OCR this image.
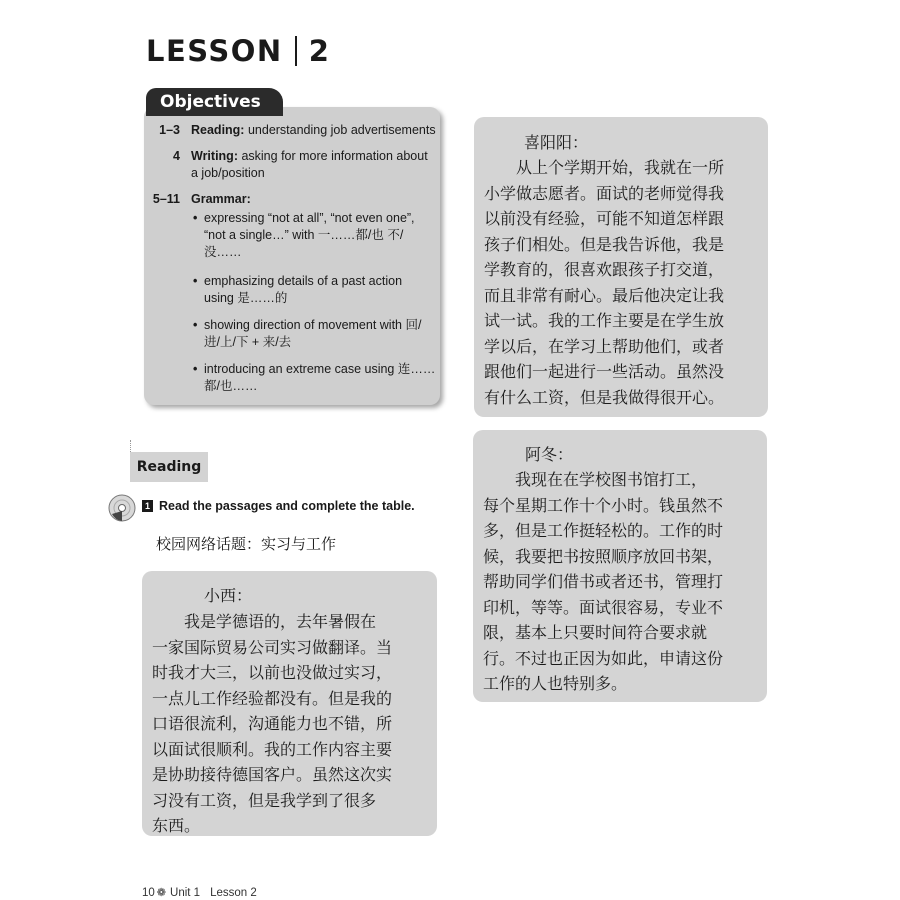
LESSON 2
Objectives
1–3 Reading: understanding job advertisements
4 Writing: asking for more information about
a job/position
5–11 Grammar:
• expressing “not at all”, “not even one”,
“not a single…” with 一……都/也 不/
没……
• emphasizing details of a past action
using 是……的
• showing direction of movement with 回/
进/上/下 + 来/去
• introducing an extreme case using 连……
都/也……
Reading
1 Read the passages and complete the table.
校园网络话题：实习与工作
小西：
　　我是学德语的，去年暑假在
一家国际贸易公司实习做翻译。当
时我才大三，以前也没做过实习，
一点儿工作经验都没有。但是我的
口语很流利，沟通能力也不错，所
以面试很顺利。我的工作内容主要
是协助接待德国客户。虽然这次实
习没有工资，但是我学到了很多
东西。
喜阳阳：
　　从上个学期开始，我就在一所
小学做志愿者。面试的老师觉得我
以前没有经验，可能不知道怎样跟
孩子们相处。但是我告诉他，我是
学教育的，很喜欢跟孩子打交道，
而且非常有耐心。最后他决定让我
试一试。我的工作主要是在学生放
学以后，在学习上帮助他们，或者
跟他们一起进行一些活动。虽然没
有什么工资，但是我做得很开心。
阿冬：
　　我现在在学校图书馆打工，
每个星期工作十个小时。钱虽然不
多，但是工作挺轻松的。工作的时
候，我要把书按照顺序放回书架，
帮助同学们借书或者还书，管理打
印机，等等。面试很容易，专业不
限，基本上只要时间符合要求就
行。不过也正因为如此，申请这份
工作的人也特别多。
10 ❁ Unit 1 Lesson 2
